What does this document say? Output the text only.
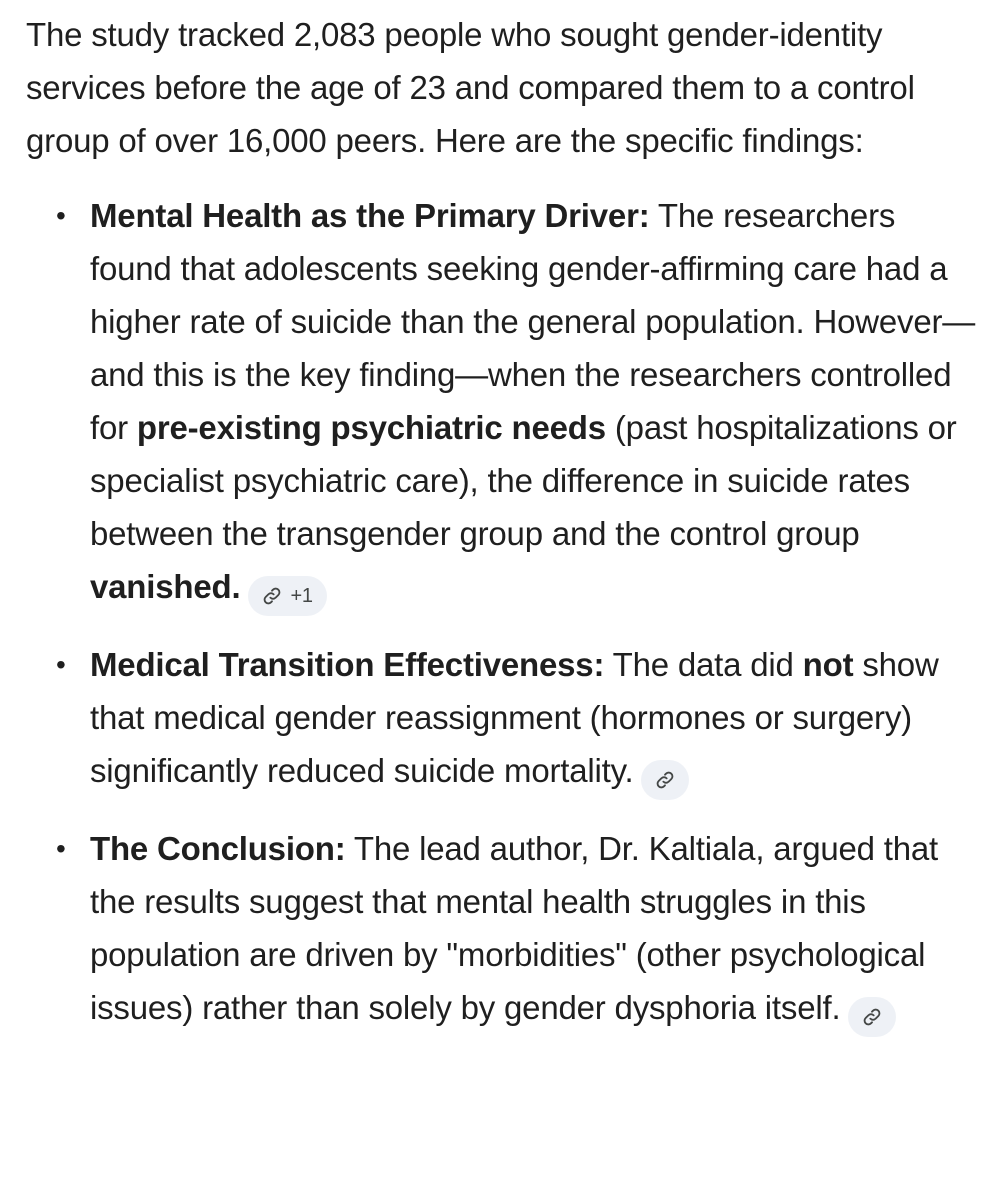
The study tracked 2,083 people who sought gender-identity services before the age of 23 and compared them to a control group of over 16,000 peers. Here are the specific findings:

• Mental Health as the Primary Driver: The researchers found that adolescents seeking gender-affirming care had a higher rate of suicide than the general population. However—and this is the key finding—when the researchers controlled for pre-existing psychiatric needs (past hospitalizations or specialist psychiatric care), the difference in suicide rates between the transgender group and the control group vanished.	+1
• Medical Transition Effectiveness: The data did not show that medical gender reassignment (hormones or surgery) significantly reduced suicide mortality.
• The Conclusion: The lead author, Dr. Kaltiala, argued that the results suggest that mental health struggles in this population are driven by "morbidities" (other psychological issues) rather than solely by gender dysphoria itself.
